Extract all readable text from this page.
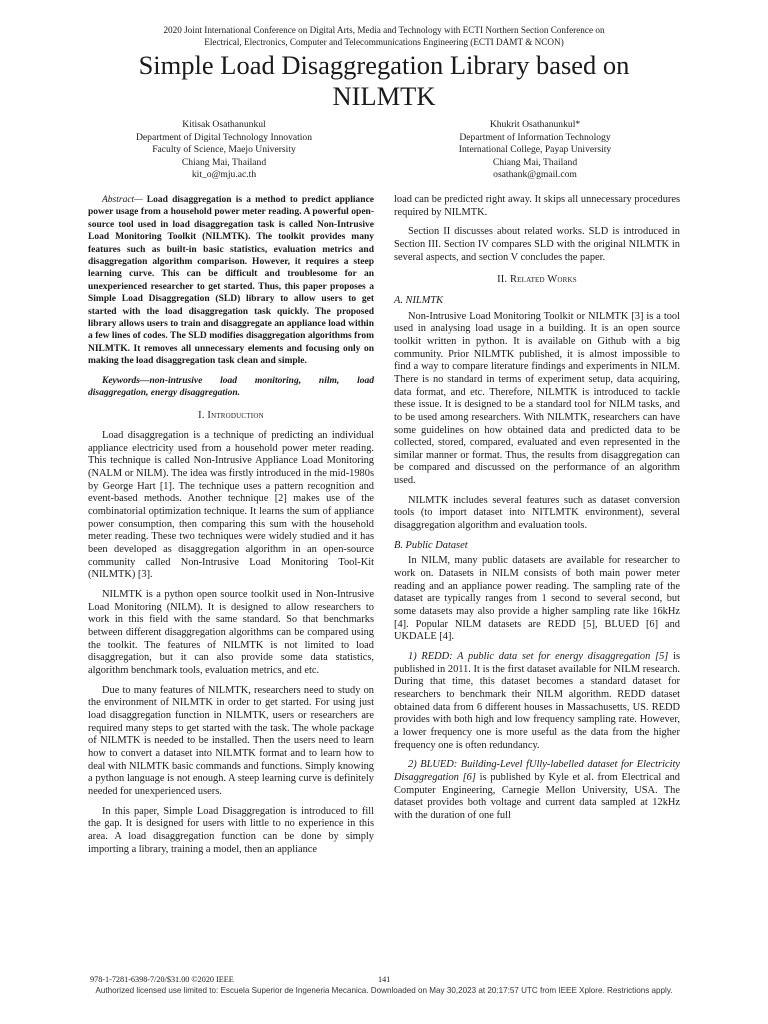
2020 Joint International Conference on Digital Arts, Media and Technology with ECTI Northern Section Conference on
Electrical, Electronics, Computer and Telecommunications Engineering (ECTI DAMT & NCON)
Simple Load Disaggregation Library based on
NILMTK
Kitisak Osathanunkul
Department of Digital Technology Innovation
Faculty of Science, Maejo University
Chiang Mai, Thailand
kit_o@mju.ac.th
Khukrit Osathanunkul*
Department of Information Technology
International College, Payap University
Chiang Mai, Thailand
osathank@gmail.com

Abstract— Load disaggregation is a method to predict appliance power usage from a household power meter reading. A powerful open-source tool used in load disaggregation task is called Non-Intrusive Load Monitoring Toolkit (NILMTK). The toolkit provides many features such as built-in basic statistics, evaluation metrics and disaggregation algorithm comparison. However, it requires a steep learning curve. This can be difficult and troublesome for an unexperienced researcher to get started. Thus, this paper proposes a Simple Load Disaggregation (SLD) library to allow users to get started with the load disaggregation task quickly. The proposed library allows users to train and disaggregate an appliance load within a few lines of codes. The SLD modifies disaggregation algorithms from NILMTK. It removes all unnecessary elements and focusing only on making the load disaggregation task clean and simple.

Keywords—non-intrusive load monitoring, nilm, load disaggregation, energy disaggregation.

I. Introduction

Load disaggregation is a technique of predicting an individual appliance electricity used from a household power meter reading. This technique is called Non-Intrusive Appliance Load Monitoring (NALM or NILM). The idea was firstly introduced in the mid-1980s by George Hart [1]. The technique uses a pattern recognition and event-based methods. Another technique [2] makes use of the combinatorial optimization technique. It learns the sum of appliance power consumption, then comparing this sum with the household meter reading. These two techniques were widely studied and it has been developed as disaggregation algorithm in an open-source community called Non-Intrusive Load Monitoring Tool-Kit (NILMTK) [3].

NILMTK is a python open source toolkit used in Non-Intrusive Load Monitoring (NILM). It is designed to allow researchers to work in this field with the same standard. So that benchmarks between different disaggregation algorithms can be compared using the toolkit. The features of NILMTK is not limited to load disaggregation, but it can also provide some data statistics, algorithm benchmark tools, evaluation metrics, and etc.

Due to many features of NILMTK, researchers need to study on the environment of NILMTK in order to get started. For using just load disaggregation function in NILMTK, users or researchers are required many steps to get started with the task. The whole package of NILMTK is needed to be installed. Then the users need to learn how to convert a dataset into NILMTK format and to learn how to deal with NILMTK basic commands and functions. Simply knowing a python language is not enough. A steep learning curve is definitely needed for unexperienced users.

In this paper, Simple Load Disaggregation is introduced to fill the gap. It is designed for users with little to no experience in this area. A load disaggregation function can be done by simply importing a library, training a model, then an appliance

load can be predicted right away. It skips all unnecessary procedures required by NILMTK.

Section II discusses about related works. SLD is introduced in Section III. Section IV compares SLD with the original NILMTK in several aspects, and section V concludes the paper.

II. Related Works
A. NILMTK

Non-Intrusive Load Monitoring Toolkit or NILMTK [3] is a tool used in analysing load usage in a building. It is an open source toolkit written in python. It is available on Github with a big community. Prior NILMTK published, it is almost impossible to find a way to compare literature findings and experiments in NILM. There is no standard in terms of experiment setup, data acquiring, data format, and etc. Therefore, NILMTK is introduced to tackle these issue. It is designed to be a standard tool for NILM tasks, and to be used among researchers. With NILMTK, researchers can have some guidelines on how obtained data and predicted data to be collected, stored, compared, evaluated and even represented in the similar manner or format. Thus, the results from disaggregation can be compared and discussed on the performance of an algorithm used.

NILMTK includes several features such as dataset conversion tools (to import dataset into NITLMTK environment), several disaggregation algorithm and evaluation tools.

B. Public Dataset

In NILM, many public datasets are available for researcher to work on. Datasets in NILM consists of both main power meter reading and an appliance power reading. The sampling rate of the dataset are typically ranges from 1 second to several second, but some datasets may also provide a higher sampling rate like 16kHz [4]. Popular NILM datasets are REDD [5], BLUED [6] and UKDALE [4].

1) REDD: A public data set for energy disaggregation [5] is published in 2011. It is the first dataset available for NILM research. During that time, this dataset becomes a standard dataset for researchers to benchmark their NILM algorithm. REDD dataset obtained data from 6 different houses in Massachusetts, US. REDD provides with both high and low frequency sampling rate. However, a lower frequency one is more useful as the data from the higher frequency one is often redundancy.

2) BLUED: Building-Level fUlly-labelled dataset for Electricity Disaggregation [6] is published by Kyle et al. from Electrical and Computer Engineering, Carnegie Mellon University, USA. The dataset provides both voltage and current data sampled at 12kHz with the duration of one full

978-1-7281-6398-7/20/$31.00 ©2020 IEEE	141
Authorized licensed use limited to: Escuela Superior de Ingeneria Mecanica. Downloaded on May 30,2023 at 20:17:57 UTC from IEEE Xplore. Restrictions apply.
